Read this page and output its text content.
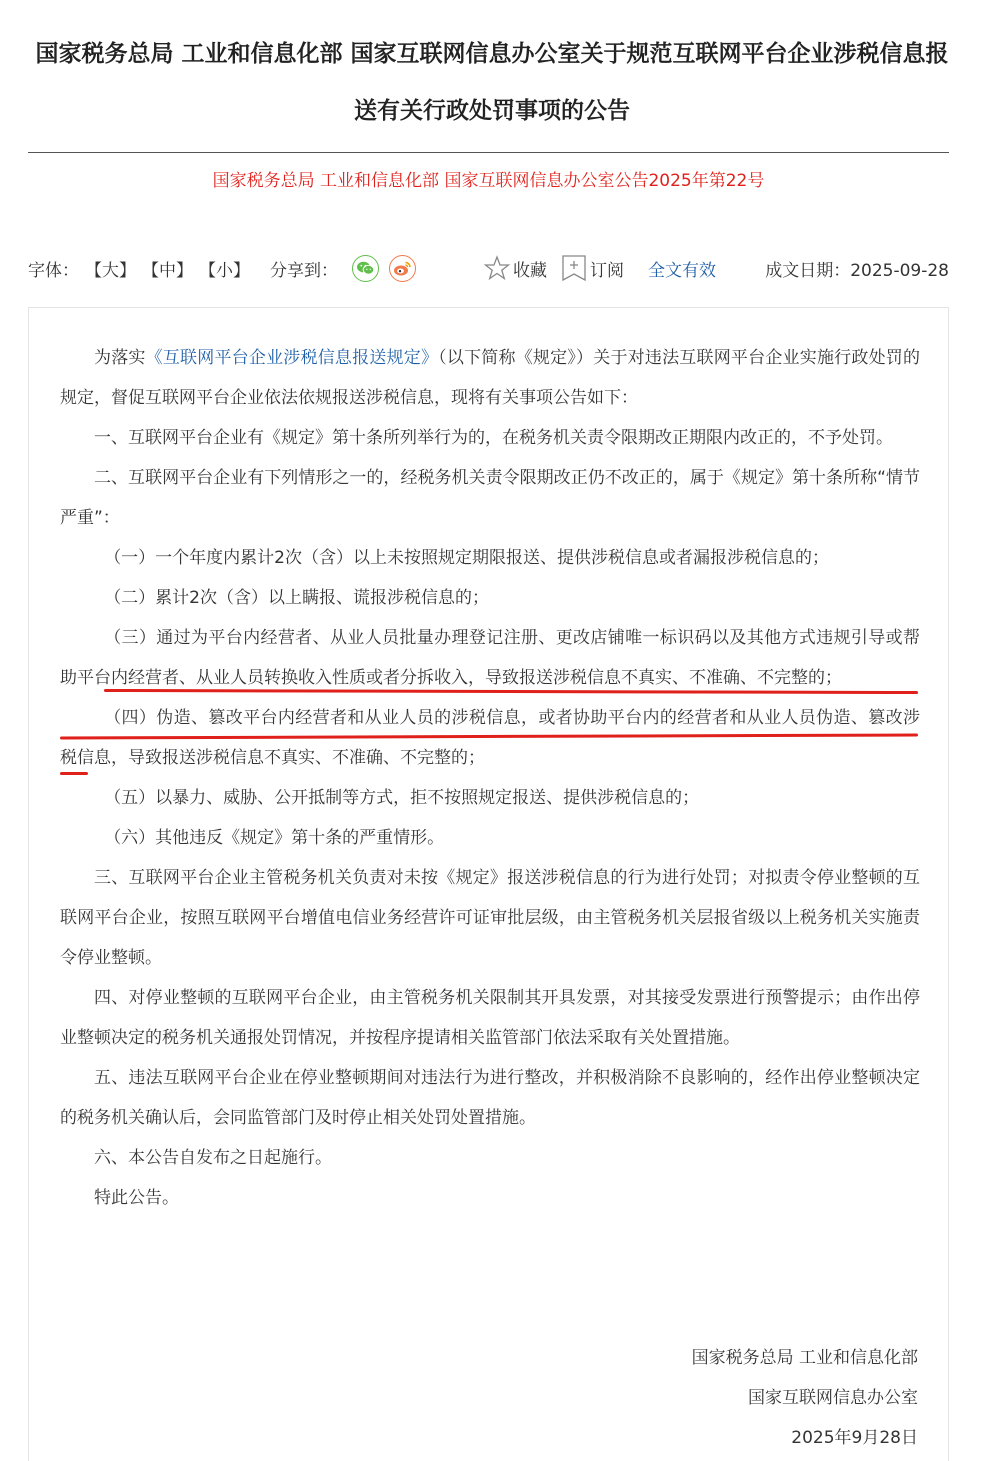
国家税务总局 工业和信息化部 国家互联网信息办公室关于规范互联网平台企业涉税信息报送有关行政处罚事项的公告
国家税务总局 工业和信息化部 国家互联网信息办公室公告2025年第22号
字体： 【大】 【中】 【小】 分享到：	收藏	订阅 全文有效	成文日期：2025-09-28

为落实《互联网平台企业涉税信息报送规定》（以下简称《规定》）关于对违法互联网平台企业实施行政处罚的规定，督促互联网平台企业依法依规报送涉税信息，现将有关事项公告如下：

一、互联网平台企业有《规定》第十条所列举行为的，在税务机关责令限期改正期限内改正的，不予处罚。

二、互联网平台企业有下列情形之一的，经税务机关责令限期改正仍不改正的，属于《规定》第十条所称“情节严重”：

（一）一个年度内累计2次（含）以上未按照规定期限报送、提供涉税信息或者漏报涉税信息的；

（二）累计2次（含）以上瞒报、谎报涉税信息的；

（三）通过为平台内经营者、从业人员批量办理登记注册、更改店铺唯一标识码以及其他方式违规引导或帮助平台内经营者、从业人员转换收入性质或者分拆收入，导致报送涉税信息不真实、不准确、不完整的；

（四）伪造、篡改平台内经营者和从业人员的涉税信息，或者协助平台内的经营者和从业人员伪造、篡改涉税信息，导致报送涉税信息不真实、不准确、不完整的；

（五）以暴力、威胁、公开抵制等方式，拒不按照规定报送、提供涉税信息的；

（六）其他违反《规定》第十条的严重情形。

三、互联网平台企业主管税务机关负责对未按《规定》报送涉税信息的行为进行处罚；对拟责令停业整顿的互联网平台企业，按照互联网平台增值电信业务经营许可证审批层级，由主管税务机关层报省级以上税务机关实施责令停业整顿。

四、对停业整顿的互联网平台企业，由主管税务机关限制其开具发票，对其接受发票进行预警提示；由作出停业整顿决定的税务机关通报处罚情况，并按程序提请相关监管部门依法采取有关处置措施。

五、违法互联网平台企业在停业整顿期间对违法行为进行整改，并积极消除不良影响的，经作出停业整顿决定的税务机关确认后，会同监管部门及时停止相关处罚处置措施。

六、本公告自发布之日起施行。

特此公告。

国家税务总局 工业和信息化部
国家互联网信息办公室
2025年9月28日
